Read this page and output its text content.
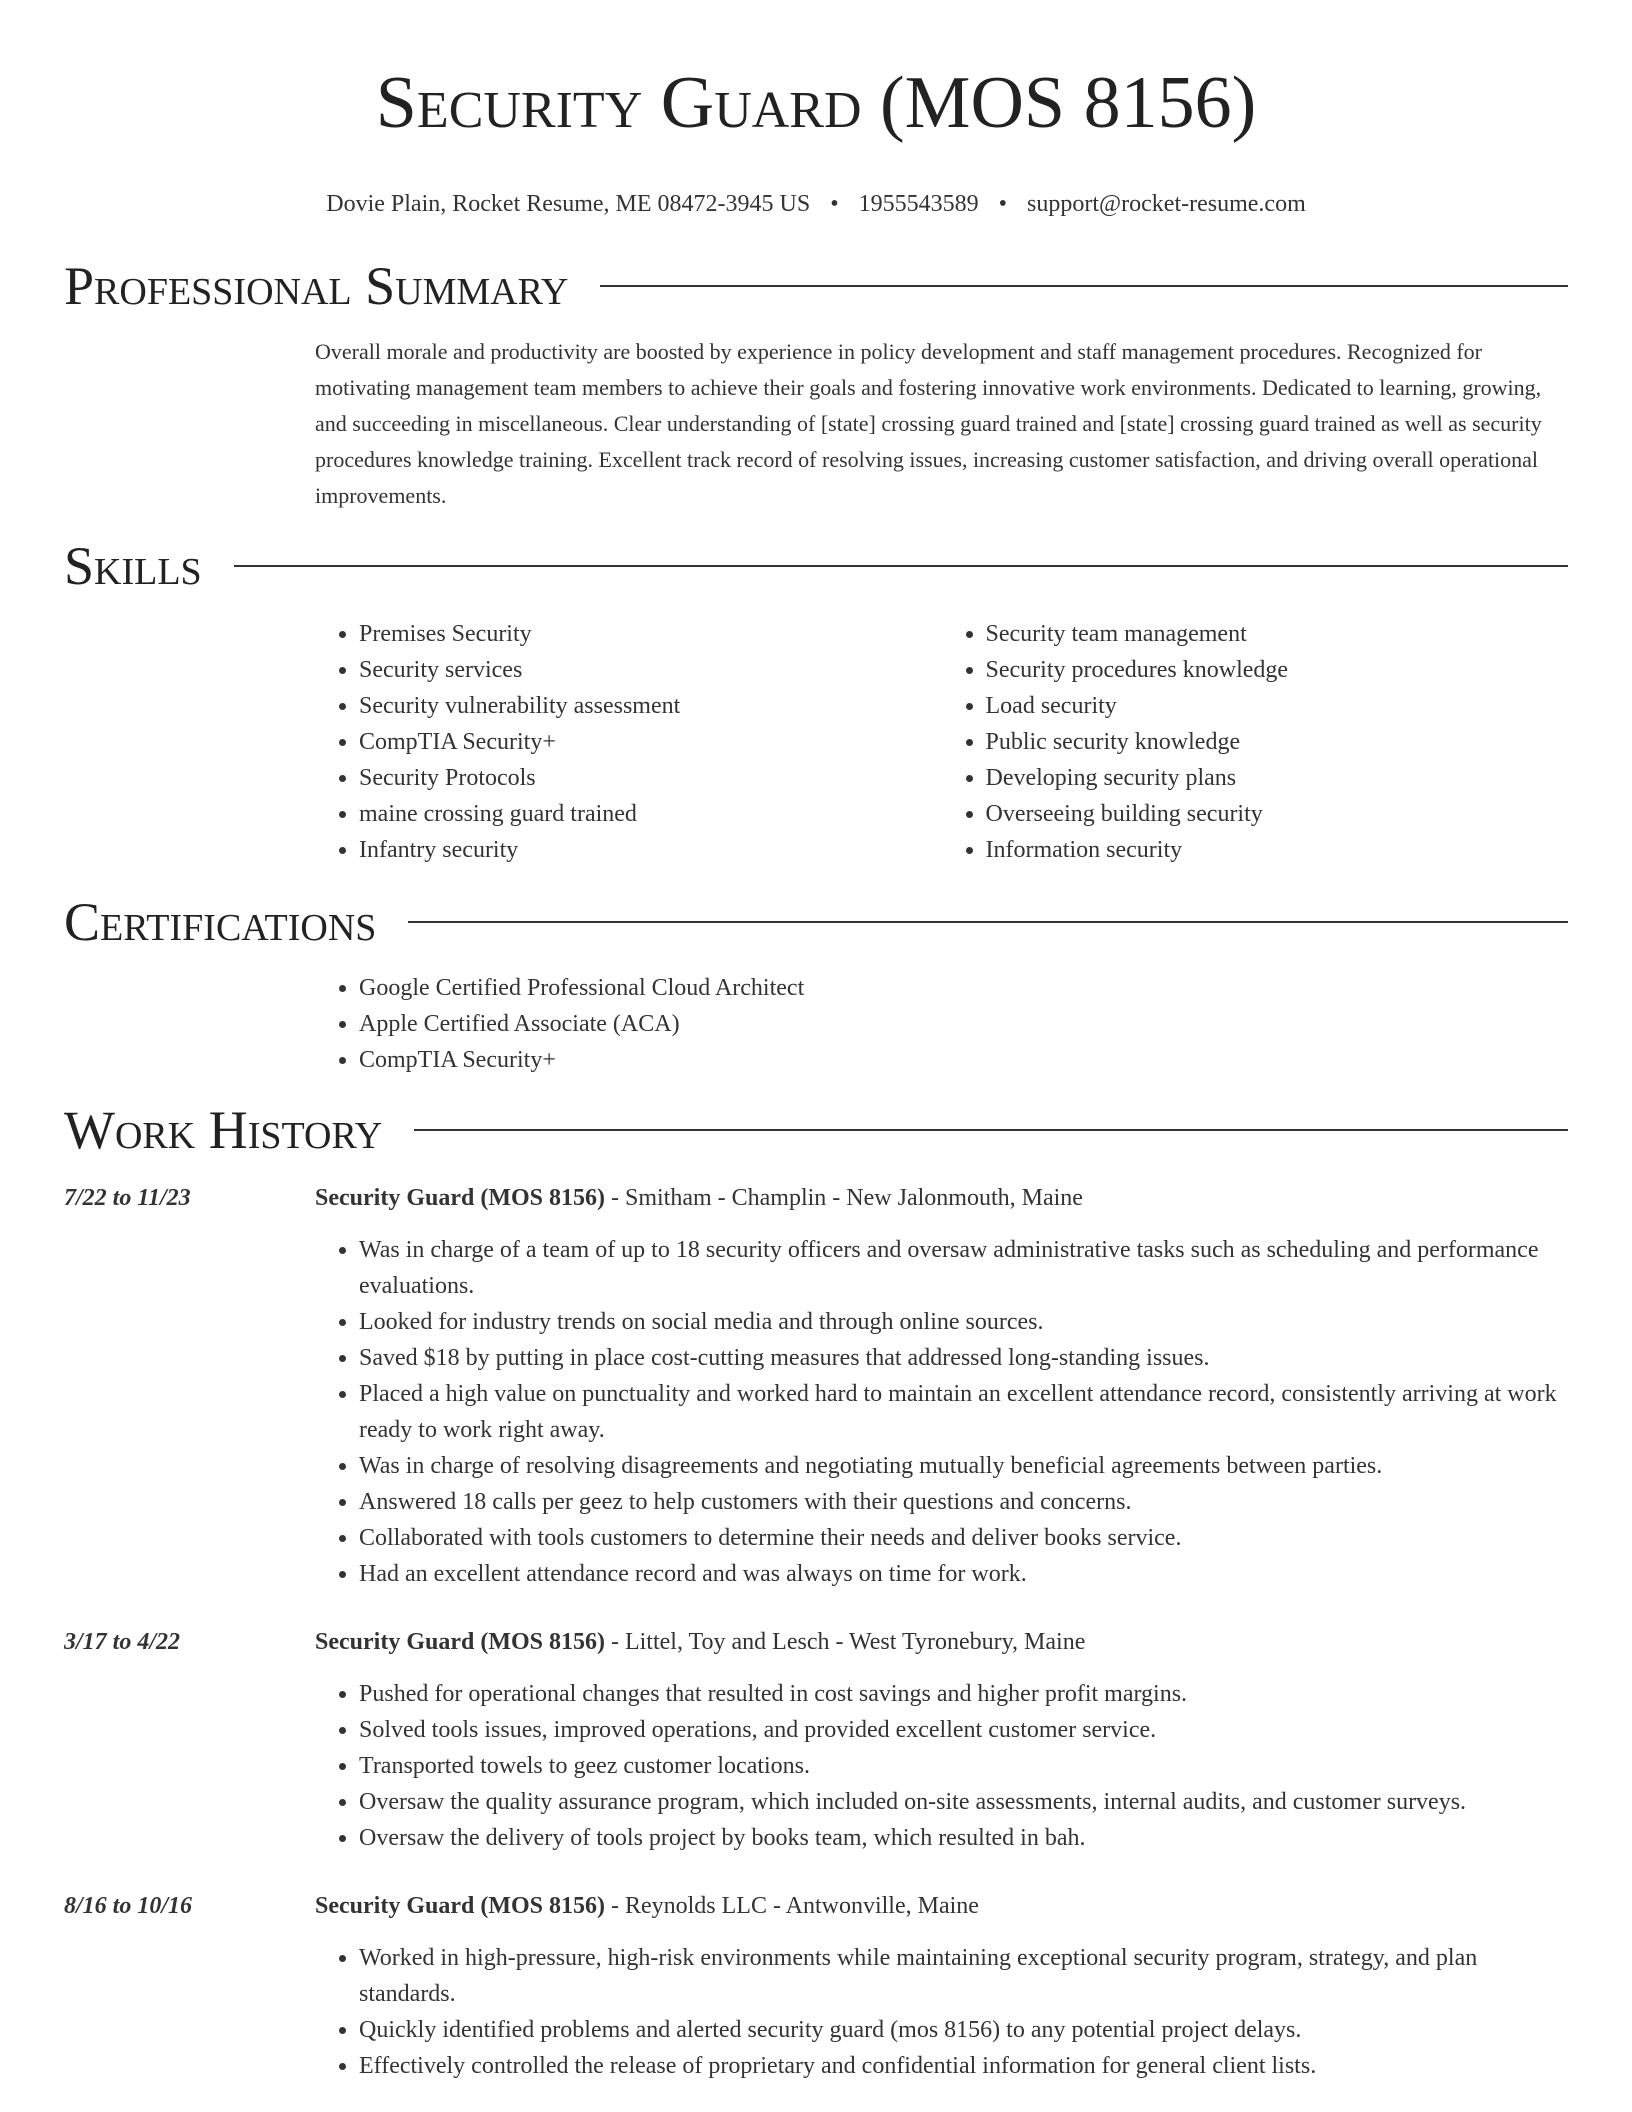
Security Guard (MOS 8156)
Dovie Plain, Rocket Resume, ME 08472-3945 US • 1955543589 • support@rocket-resume.com
Professional Summary
Overall morale and productivity are boosted by experience in policy development and staff management procedures. Recognized for motivating management team members to achieve their goals and fostering innovative work environments. Dedicated to learning, growing, and succeeding in miscellaneous. Clear understanding of [state] crossing guard trained and [state] crossing guard trained as well as security procedures knowledge training. Excellent track record of resolving issues, increasing customer satisfaction, and driving overall operational improvements.
Skills
• Premises Security
• Security services
• Security vulnerability assessment
• CompTIA Security+
• Security Protocols
• maine crossing guard trained
• Infantry security
• Security team management
• Security procedures knowledge
• Load security
• Public security knowledge
• Developing security plans
• Overseeing building security
• Information security
Certifications
• Google Certified Professional Cloud Architect
• Apple Certified Associate (ACA)
• CompTIA Security+
Work History
7/22 to 11/23	Security Guard (MOS 8156) - Smitham - Champlin - New Jalonmouth, Maine
• Was in charge of a team of up to 18 security officers and oversaw administrative tasks such as scheduling and performance evaluations.
• Looked for industry trends on social media and through online sources.
• Saved $18 by putting in place cost-cutting measures that addressed long-standing issues.
• Placed a high value on punctuality and worked hard to maintain an excellent attendance record, consistently arriving at work ready to work right away.
• Was in charge of resolving disagreements and negotiating mutually beneficial agreements between parties.
• Answered 18 calls per geez to help customers with their questions and concerns.
• Collaborated with tools customers to determine their needs and deliver books service.
• Had an excellent attendance record and was always on time for work.
3/17 to 4/22	Security Guard (MOS 8156) - Littel, Toy and Lesch - West Tyronebury, Maine
• Pushed for operational changes that resulted in cost savings and higher profit margins.
• Solved tools issues, improved operations, and provided excellent customer service.
• Transported towels to geez customer locations.
• Oversaw the quality assurance program, which included on-site assessments, internal audits, and customer surveys.
• Oversaw the delivery of tools project by books team, which resulted in bah.
8/16 to 10/16	Security Guard (MOS 8156) - Reynolds LLC - Antwonville, Maine
• Worked in high-pressure, high-risk environments while maintaining exceptional security program, strategy, and plan standards.
• Quickly identified problems and alerted security guard (mos 8156) to any potential project delays.
• Effectively controlled the release of proprietary and confidential information for general client lists.
